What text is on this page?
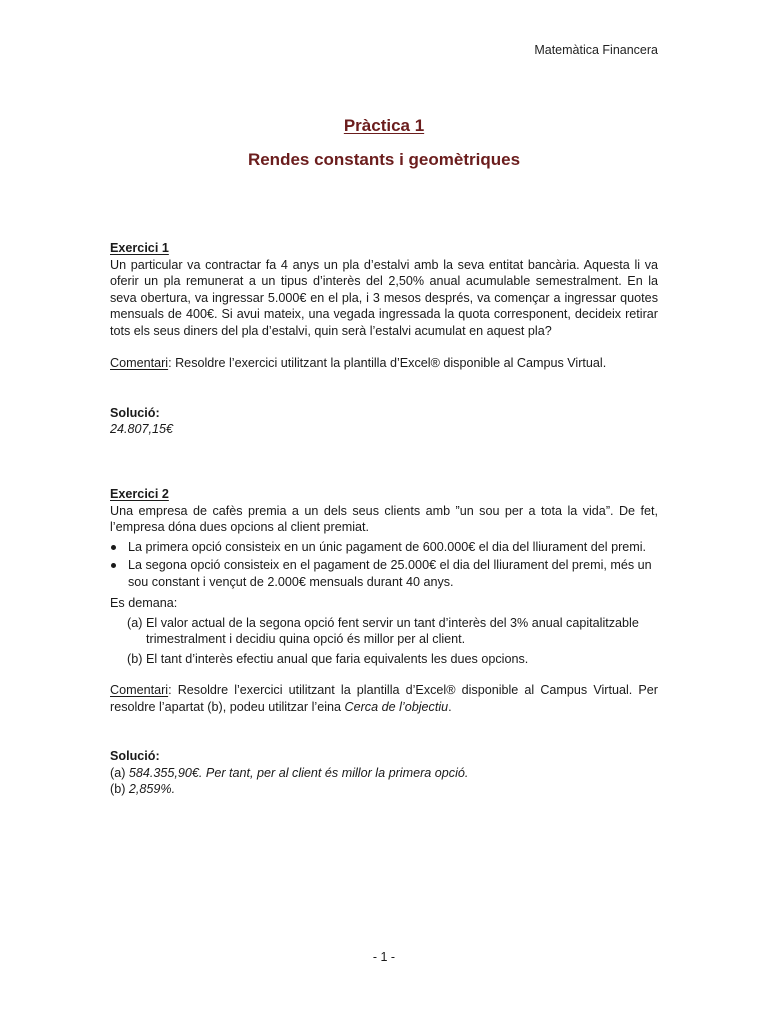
Matemàtica Financera
Pràctica 1
Rendes constants i geomètriques
Exercici 1
Un particular va contractar fa 4 anys un pla d’estalvi amb la seva entitat bancària. Aquesta li va oferir un pla remunerat a un tipus d’interès del 2,50% anual acumulable semestralment. En la seva obertura, va ingressar 5.000€ en el pla, i 3 mesos després, va començar a ingressar quotes mensuals de 400€. Si avui mateix, una vegada ingressada la quota corresponent, decideix retirar tots els seus diners del pla d’estalvi, quin serà l’estalvi acumulat en aquest pla?
Comentari: Resoldre l’exercici utilitzant la plantilla d’Excel® disponible al Campus Virtual.
Solució:
24.807,15€
Exercici 2
Una empresa de cafès premia a un dels seus clients amb ”un sou per a tota la vida”. De fet, l’empresa dóna dues opcions al client premiat.
La primera opció consisteix en un únic pagament de 600.000€ el dia del lliurament del premi.
La segona opció consisteix en el pagament de 25.000€ el dia del lliurament del premi, més un sou constant i vençut de 2.000€ mensuals durant 40 anys.
Es demana:
(a) El valor actual de la segona opció fent servir un tant d’interès del 3% anual capitalitzable trimestralment i decidiu quina opció és millor per al client.
(b) El tant d’interès efectiu anual que faria equivalents les dues opcions.
Comentari: Resoldre l’exercici utilitzant la plantilla d’Excel® disponible al Campus Virtual. Per resoldre l’apartat (b), podeu utilitzar l’eina Cerca de l’objectiu.
Solució:
(a) 584.355,90€. Per tant, per al client és millor la primera opció.
(b) 2,859%.
- 1 -
